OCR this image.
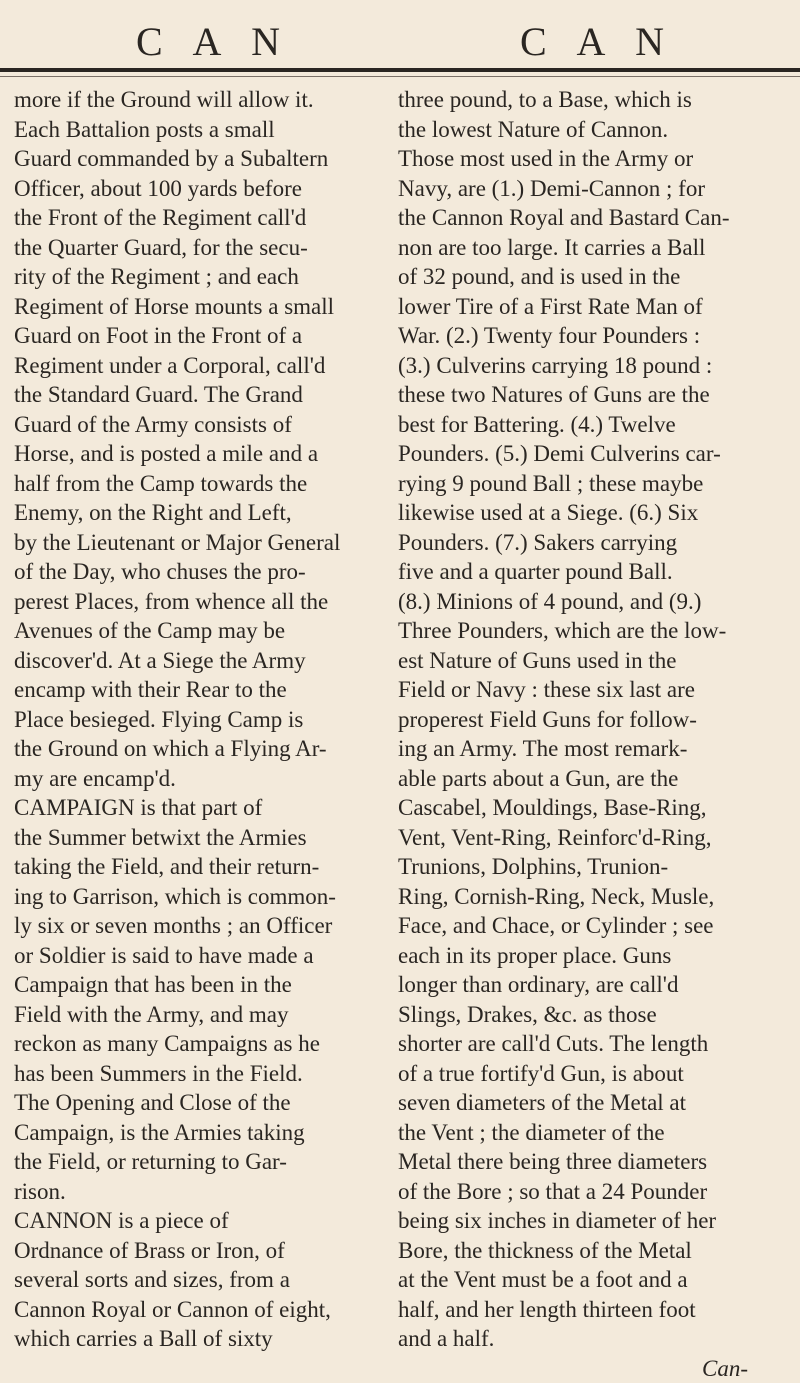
C A N	C A N
more if the Ground will allow it.
Each Battalion posts a small
Guard commanded by a Subaltern
Officer, about 100 yards before
the Front of the Regiment call'd
the Quarter Guard, for the secu-
rity of the Regiment ; and each
Regiment of Horse mounts a small
Guard on Foot in the Front of a
Regiment under a Corporal, call'd
the Standard Guard. The Grand
Guard of the Army consists of
Horse, and is posted a mile and a
half from the Camp towards the
Enemy, on the Right and Left,
by the Lieutenant or Major General
of the Day, who chuses the pro-
perest Places, from whence all the
Avenues of the Camp may be
discover'd. At a Siege the Army
encamp with their Rear to the
Place besieged. Flying Camp is
the Ground on which a Flying Ar-
my are encamp'd.
CAMPAIGN is that part of
the Summer betwixt the Armies
taking the Field, and their return-
ing to Garrison, which is common-
ly six or seven months ; an Officer
or Soldier is said to have made a
Campaign that has been in the
Field with the Army, and may
reckon as many Campaigns as he
has been Summers in the Field.
The Opening and Close of the
Campaign, is the Armies taking
the Field, or returning to Gar-
rison.
CANNON is a piece of
Ordnance of Brass or Iron, of
several sorts and sizes, from a
Cannon Royal or Cannon of eight,
which carries a Ball of sixty
three pound, to a Base, which is
the lowest Nature of Cannon.
Those most used in the Army or
Navy, are (1.) Demi-Cannon ; for
the Cannon Royal and Bastard Can-
non are too large. It carries a Ball
of 32 pound, and is used in the
lower Tire of a First Rate Man of
War. (2.) Twenty four Pounders :
(3.) Culverins carrying 18 pound :
these two Natures of Guns are the
best for Battering. (4.) Twelve
Pounders. (5.) Demi Culverins car-
rying 9 pound Ball ; these maybe
likewise used at a Siege. (6.) Six
Pounders. (7.) Sakers carrying
five and a quarter pound Ball.
(8.) Minions of 4 pound, and (9.)
Three Pounders, which are the low-
est Nature of Guns used in the
Field or Navy : these six last are
properest Field Guns for follow-
ing an Army. The most remark-
able parts about a Gun, are the
Cascabel, Mouldings, Base-Ring,
Vent, Vent-Ring, Reinforc'd-Ring,
Trunions, Dolphins, Trunion-
Ring, Cornish-Ring, Neck, Musle,
Face, and Chace, or Cylinder ; see
each in its proper place. Guns
longer than ordinary, are call'd
Slings, Drakes, &c. as those
shorter are call'd Cuts. The length
of a true fortify'd Gun, is about
seven diameters of the Metal at
the Vent ; the diameter of the
Metal there being three diameters
of the Bore ; so that a 24 Pounder
being six inches in diameter of her
Bore, the thickness of the Metal
at the Vent must be a foot and a
half, and her length thirteen foot
and a half.
Can-
